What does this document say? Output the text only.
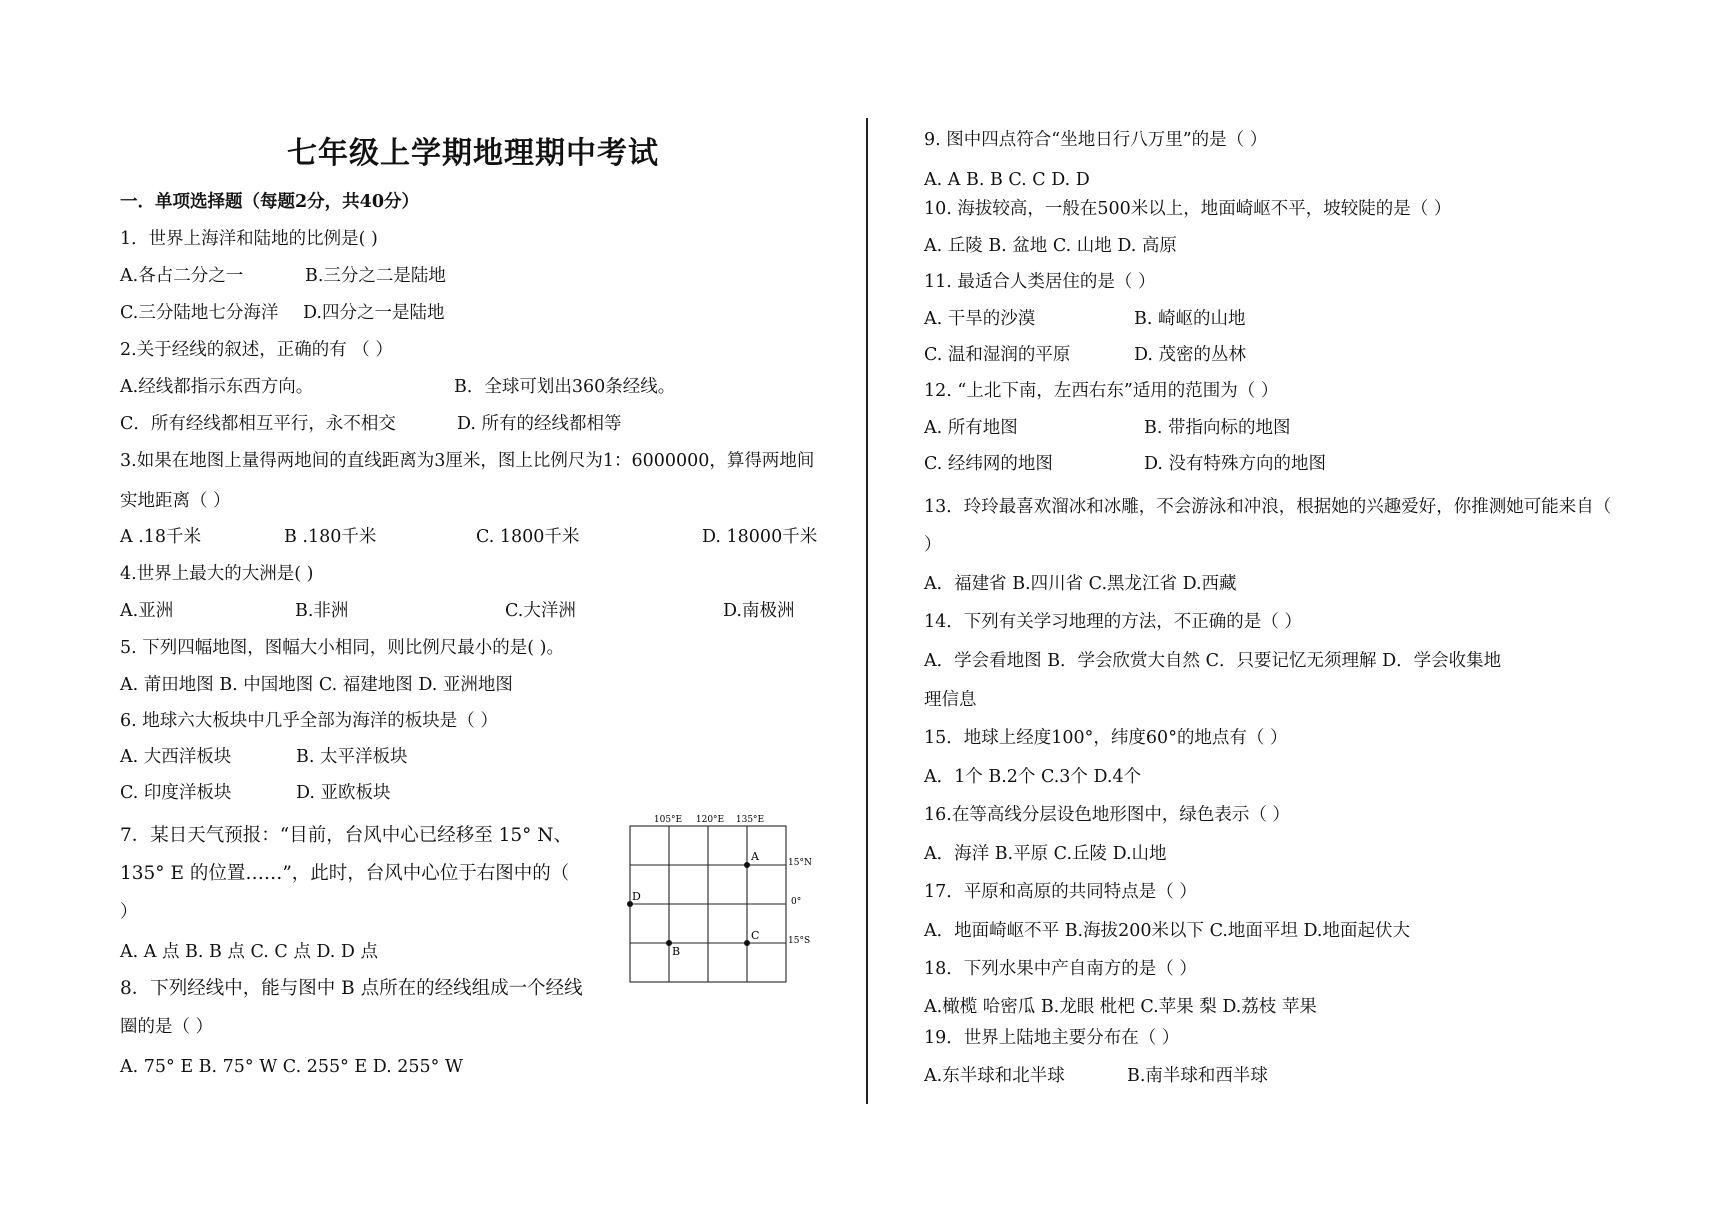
七年级上学期地理期中考试
一．单项选择题（每题2分，共40分）
1．世界上海洋和陆地的比例是( )
A.各占二分之一	B.三分之二是陆地
C.三分陆地七分海洋 D.四分之一是陆地
2.关于经线的叙述，正确的有 （ ）
A.经线都指示东西方向。	B．全球可划出360条经线。
C．所有经线都相互平行，永不相交	D. 所有的经线都相等
3.如果在地图上量得两地间的直线距离为3厘米，图上比例尺为1：6000000，算得两地间
实地距离（ ）
A .18千米	B .180千米	C. 1800千米	D. 18000千米
4.世界上最大的大洲是( )
A.亚洲	B.非洲	C.大洋洲	D.南极洲
5. 下列四幅地图，图幅大小相同，则比例尺最小的是( )。
A. 莆田地图 B. 中国地图 C. 福建地图 D. 亚洲地图
6. 地球六大板块中几乎全部为海洋的板块是（ ）
A. 大西洋板块	B. 太平洋板块
C. 印度洋板块	D. 亚欧板块
7．某日天气预报：“目前，台风中心已经移至 15° N、
135° E 的位置……”，此时，台风中心位于右图中的（
）
A. A 点 B. B 点 C. C 点 D. D 点
8．下列经线中，能与图中 B 点所在的经线组成一个经线
圈的是（ ）
A. 75° E B. 75° W C. 255° E D. 255° W
105°E 120°E 135°E
15°N
0°
15°S
A
D
C
B
9. 图中四点符合“坐地日行八万里”的是（ ）
A. A B. B C. C D. D
10. 海拔较高，一般在500米以上，地面崎岖不平，坡较陡的是（ ）
A. 丘陵 B. 盆地 C. 山地 D. 高原
11. 最适合人类居住的是（ ）
A. 干旱的沙漠	B. 崎岖的山地
C. 温和湿润的平原	D. 茂密的丛林
12. “上北下南，左西右东”适用的范围为（ ）
A. 所有地图	B. 带指向标的地图
C. 经纬网的地图	D. 没有特殊方向的地图
13．玲玲最喜欢溜冰和冰雕，不会游泳和冲浪，根据她的兴趣爱好，你推测她可能来自（
）
A．福建省 B.四川省 C.黑龙江省 D.西藏
14．下列有关学习地理的方法，不正确的是（ ）
A．学会看地图 B．学会欣赏大自然 C．只要记忆无须理解 D．学会收集地
理信息
15．地球上经度100°，纬度60°的地点有（ ）
A．1个 B.2个 C.3个 D.4个
16.在等高线分层设色地形图中，绿色表示（ ）
A．海洋 B.平原 C.丘陵 D.山地
17．平原和高原的共同特点是（ ）
A．地面崎岖不平 B.海拔200米以下 C.地面平坦 D.地面起伏大
18．下列水果中产自南方的是（ ）
A.橄榄 哈密瓜 B.龙眼 枇杷 C.苹果 梨 D.荔枝 苹果
19．世界上陆地主要分布在（ ）
A.东半球和北半球	B.南半球和西半球
